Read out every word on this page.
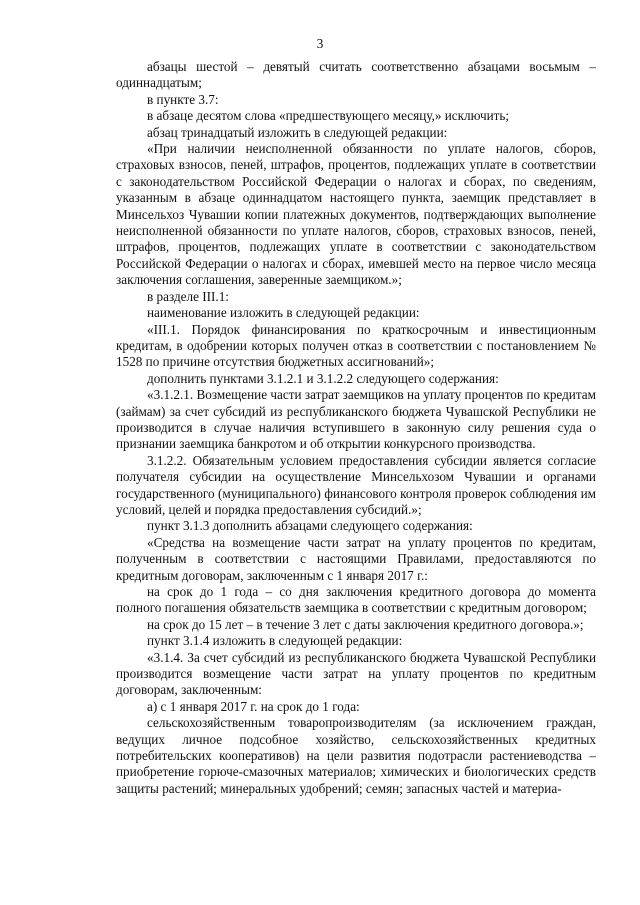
3

абзацы шестой – девятый считать соответственно абзацами восьмым – одиннадцатым;

в пункте 3.7:

в абзаце десятом слова «предшествующего месяцу,» исключить;

абзац тринадцатый изложить в следующей редакции:

«При наличии неисполненной обязанности по уплате налогов, сборов, страховых взносов, пеней, штрафов, процентов, подлежащих уплате в соответствии с законодательством Российской Федерации о налогах и сборах, по сведениям, указанным в абзаце одиннадцатом настоящего пункта, заемщик представляет в Минсельхоз Чувашии копии платежных документов, подтверждающих выполнение неисполненной обязанности по уплате налогов, сборов, страховых взносов, пеней, штрафов, процентов, подлежащих уплате в соответствии с законодательством Российской Федерации о налогах и сборах, имевшей место на первое число месяца заключения соглашения, заверенные заемщиком.»;

в разделе III.1:

наименование изложить в следующей редакции:

«III.1. Порядок финансирования по краткосрочным и инвестиционным кредитам, в одобрении которых получен отказ в соответствии с постановлением № 1528 по причине отсутствия бюджетных ассигнований»;

дополнить пунктами 3.1.2.1 и 3.1.2.2 следующего содержания:

«3.1.2.1. Возмещение части затрат заемщиков на уплату процентов по кредитам (займам) за счет субсидий из республиканского бюджета Чувашской Республики не производится в случае наличия вступившего в законную силу решения суда о признании заемщика банкротом и об открытии конкурсного производства.

3.1.2.2. Обязательным условием предоставления субсидии является согласие получателя субсидии на осуществление Минсельхозом Чувашии и органами государственного (муниципального) финансового контроля проверок соблюдения им условий, целей и порядка предоставления субсидий.»;

пункт 3.1.3 дополнить абзацами следующего содержания:

«Средства на возмещение части затрат на уплату процентов по кредитам, полученным в соответствии с настоящими Правилами, предоставляются по кредитным договорам, заключенным с 1 января 2017 г.:

на срок до 1 года – со дня заключения кредитного договора до момента полного погашения обязательств заемщика в соответствии с кредитным договором;

на срок до 15 лет – в течение 3 лет с даты заключения кредитного договора.»;

пункт 3.1.4 изложить в следующей редакции:

«3.1.4. За счет субсидий из республиканского бюджета Чувашской Республики производится возмещение части затрат на уплату процентов по кредитным договорам, заключенным:

а) с 1 января 2017 г. на срок до 1 года:

сельскохозяйственным товаропроизводителям (за исключением граждан, ведущих личное подсобное хозяйство, сельскохозяйственных кредитных потребительских кооперативов) на цели развития подотрасли растениеводства – приобретение горюче-смазочных материалов; химических и биологических средств защиты растений; минеральных удобрений; семян; запасных частей и материа-
